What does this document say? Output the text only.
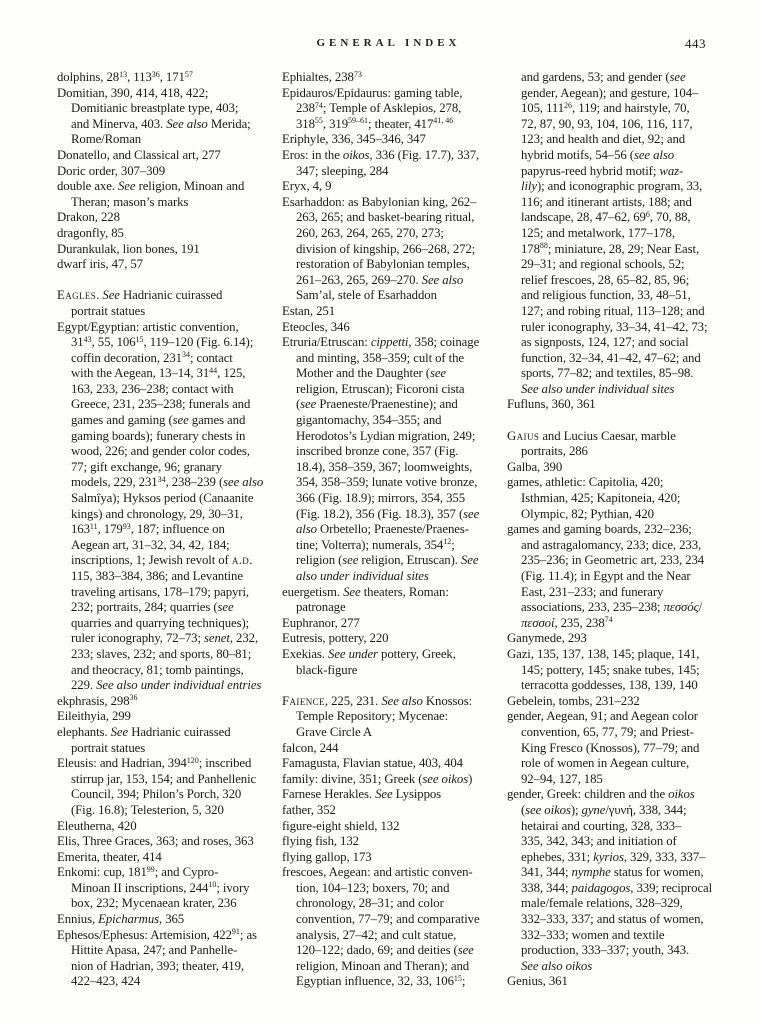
GENERAL INDEX	443
dolphins, $28^{13}$, $113^{36}$, $171^{57}$
Domitian, 390, 414, 418, 422;
Domitianic breastplate type, 403;
and Minerva, 403. See also Merida;
Rome/Roman
Donatello, and Classical art, 277
Doric order, 307–309
double axe. See religion, Minoan and
Theran; mason’s marks
Drakon, 228
dragonfly, 85
Durankulak, lion bones, 191
dwarf iris, 47, 57
Eagles. See Hadrianic cuirassed
portrait statues
Egypt/Egyptian: artistic convention,
$31^{43}$, 55, $106^{15}$, 119–120 (Fig. 6.14);
coffin decoration, $231^{34}$; contact
with the Aegean, 13–14, $31^{44}$, 125,
163, 233, 236–238; contact with
Greece, 231, 235–238; funerals and
games and gaming (see games and
gaming boards); funerary chests in
wood, 226; and gender color codes,
77; gift exchange, 96; granary
models, 229, $231^{34}$, 238–239 (see also
Salmîya); Hyksos period (Canaanite
kings) and chronology, 29, 30–31,
$163^{11}$, $179^{93}$, 187; influence on
Aegean art, 31–32, 34, 42, 184;
inscriptions, 1; Jewish revolt of a.d.
115, 383–384, 386; and Levantine
traveling artisans, 178–179; papyri,
232; portraits, 284; quarries (see
quarries and quarrying techniques);
ruler iconography, 72–73; senet, 232,
233; slaves, 232; and sports, 80–81;
and theocracy, 81; tomb paintings,
229. See also under individual entries
ekphrasis, $298^{36}$
Eileithyia, 299
elephants. See Hadrianic cuirassed
portrait statues
Eleusis: and Hadrian, $394^{120}$; inscribed
stirrup jar, 153, 154; and Panhellenic
Council, 394; Philon’s Porch, 320
(Fig. 16.8); Telesterion, 5, 320
Eleutherna, 420
Elis, Three Graces, 363; and roses, 363
Emerita, theater, 414
Enkomi: cup, $181^{99}$; and Cypro-
Minoan II inscriptions, $244^{10}$; ivory
box, 232; Mycenaean krater, 236
Ennius, Epicharmus, 365
Ephesos/Ephesus: Artemision, $422^{91}$; as
Hittite Apasa, 247; and Panhelle-
nion of Hadrian, 393; theater, 419,
422–423, 424
Ephialtes, $238^{73}$
Epidauros/Epidaurus: gaming table,
$238^{74}$; Temple of Asklepios, 278,
$318^{55}$, 319$^{59-61}$; theater, 417$^{41, 46}$
Eriphyle, 336, 345–346, 347
Eros: in the oikos, 336 (Fig. 17.7), 337,
347; sleeping, 284
Eryx, 4, 9
Esarhaddon: as Babylonian king, 262–
263, 265; and basket-bearing ritual,
260, 263, 264, 265, 270, 273;
division of kingship, 266–268, 272;
restoration of Babylonian temples,
261–263, 265, 269–270. See also
Sam’al, stele of Esarhaddon
Estan, 251
Eteocles, 346
Etruria/Etruscan: cippetti, 358; coinage
and minting, 358–359; cult of the
Mother and the Daughter (see
religion, Etruscan); Ficoroni cista
(see Praeneste/Praenestine); and
gigantomachy, 354–355; and
Herodotos’s Lydian migration, 249;
inscribed bronze cone, 357 (Fig.
18.4), 358–359, 367; loomweights,
354, 358–359; lunate votive bronze,
366 (Fig. 18.9); mirrors, 354, 355
(Fig. 18.2), 356 (Fig. 18.3), 357 (see
also Orbetello; Praeneste/Praenes-
tine; Volterra); numerals, $354^{12}$;
religion (see religion, Etruscan). See
also under individual sites
euergetism. See theaters, Roman:
patronage
Euphranor, 277
Eutresis, pottery, 220
Exekias. See under pottery, Greek,
black-figure
Faience, 225, 231. See also Knossos:
Temple Repository; Mycenae:
Grave Circle A
falcon, 244
Famagusta, Flavian statue, 403, 404
family: divine, 351; Greek (see oikos)
Farnese Herakles. See Lysippos
father, 352
figure-eight shield, 132
flying fish, 132
flying gallop, 173
frescoes, Aegean: and artistic conven-
tion, 104–123; boxers, 70; and
chronology, 28–31; and color
convention, 77–79; and comparative
analysis, 27–42; and cult statue,
120–122; dado, 69; and deities (see
religion, Minoan and Theran); and
Egyptian influence, 32, 33, $106^{15}$;
and gardens, 53; and gender (see
gender, Aegean); and gesture, 104–
105, $111^{26}$, 119; and hairstyle, 70,
72, 87, 90, 93, 104, 106, 116, 117,
123; and health and diet, 92; and
hybrid motifs, 54–56 (see also
papyrus-reed hybrid motif; waz-
lily); and iconographic program, 33,
116; and itinerant artists, 188; and
landscape, 28, 47–62, $69^6$, 70, 88,
125; and metalwork, 177–178,
$178^{88}$; miniature, 28, 29; Near East,
29–31; and regional schools, 52;
relief frescoes, 28, 65–82, 85, 96;
and religious function, 33, 48–51,
127; and robing ritual, 113–128; and
ruler iconography, 33–34, 41–42, 73;
as signposts, 124, 127; and social
function, 32–34, 41–42, 47–62; and
sports, 77–82; and textiles, 85–98.
See also under individual sites
Fufluns, 360, 361
Gaius and Lucius Caesar, marble
portraits, 286
Galba, 390
games, athletic: Capitolia, 420;
Isthmian, 425; Kapitoneia, 420;
Olympic, 82; Pythian, 420
games and gaming boards, 232–236;
and astragalomancy, 233; dice, 233,
235–236; in Geometric art, 233, 234
(Fig. 11.4); in Egypt and the Near
East, 231–233; and funerary
associations, 233, 235–238; πεσσός/
πεσσοί, 235, $238^{74}$
Ganymede, 293
Gazi, 135, 137, 138, 145; plaque, 141,
145; pottery, 145; snake tubes, 145;
terracotta goddesses, 138, 139, 140
Gebelein, tombs, 231–232
gender, Aegean, 91; and Aegean color
convention, 65, 77, 79; and Priest-
King Fresco (Knossos), 77–79; and
role of women in Aegean culture,
92–94, 127, 185
gender, Greek: children and the oikos
(see oikos); gyne/γυνή, 338, 344;
hetairai and courting, 328, 333–
335, 342, 343; and initiation of
ephebes, 331; kyrios, 329, 333, 337–
341, 344; nymphe status for women,
338, 344; paidagogos, 339; reciprocal
male/female relations, 328–329,
332–333, 337; and status of women,
332–333; women and textile
production, 333–337; youth, 343.
See also oikos
Genius, 361
